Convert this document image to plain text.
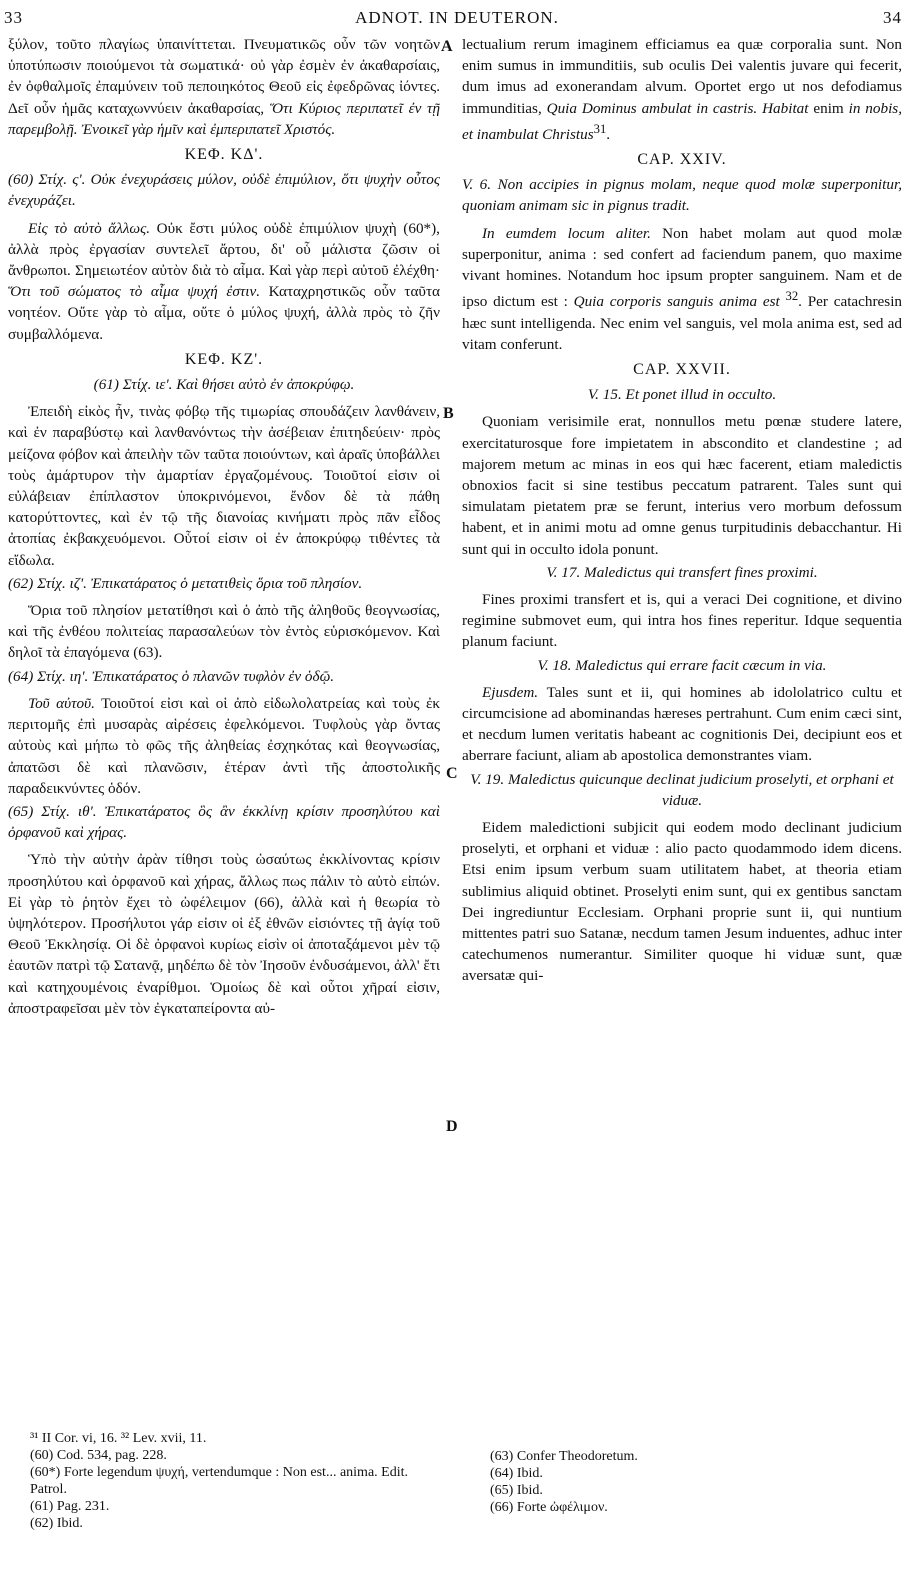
33	ADNOT. IN DEUTERON.	34
A
B
C
D

ξύλον, τοῦτο πλαγίως ὑπαινίττεται. Πνευματικῶς οὖν τῶν νοητῶν ὑποτύπωσιν ποιούμενοι τὰ σωματικά· οὐ γὰρ ἐσμὲν ἐν ἀκαθαρσίαις, ἐν ὀφθαλμοῖς ἐπαμύνειν τοῦ πεποιηκότος Θεοῦ εἰς ἐφεδρῶνας ἰόντες. Δεῖ οὖν ἡμᾶς καταχωννύειν ἀκαθαρσίας, Ὅτι Κύριος περιπατεῖ ἐν τῇ παρεμβολῇ. Ἐνοικεῖ γὰρ ἡμῖν καὶ ἐμπεριπατεῖ Χριστός.

ΚΕΦ. ΚΔ'.

(60) Στίχ. ς'. Οὐκ ἐνεχυράσεις μύλον, οὐδὲ ἐπιμύλιον, ὅτι ψυχὴν οὗτος ἐνεχυράζει.

Εἰς τὸ αὐτὸ ἄλλως. Οὐκ ἔστι μύλος οὐδὲ ἐπιμύλιον ψυχὴ (60*), ἀλλὰ πρὸς ἐργασίαν συντελεῖ ἄρτου, δι' οὗ μάλιστα ζῶσιν οἱ ἄνθρωποι. Σημειωτέον αὐτὸν διὰ τὸ αἷμα. Καὶ γὰρ περὶ αὐτοῦ ἐλέχθη· Ὅτι τοῦ σώματος τὸ αἷμα ψυχή ἐστιν. Καταχρηστικῶς οὖν ταῦτα νοητέον. Οὔτε γὰρ τὸ αἷμα, οὔτε ὁ μύλος ψυχή, ἀλλὰ πρὸς τὸ ζῆν συμβαλλόμενα.

ΚΕΦ. ΚΖ'.

(61) Στίχ. ιε'. Καὶ θήσει αὐτὸ ἐν ἀποκρύφῳ.

Ἐπειδὴ εἰκὸς ἦν, τινὰς φόβῳ τῆς τιμωρίας σπουδάζειν λανθάνειν, καὶ ἐν παραβύστῳ καὶ λανθανόντως τὴν ἀσέβειαν ἐπιτηδεύειν· πρὸς μείζονα φόβον καὶ ἀπειλὴν τῶν ταῦτα ποιούντων, καὶ ἀραῖς ὑποβάλλει τοὺς ἀμάρτυρον τὴν ἁμαρτίαν ἐργαζομένους. Τοιοῦτοί εἰσιν οἱ εὐλάβειαν ἐπίπλαστον ὑποκρινόμενοι, ἔνδον δὲ τὰ πάθη κατορύττοντες, καὶ ἐν τῷ τῆς διανοίας κινήματι πρὸς πᾶν εἶδος ἀτοπίας ἐκβακχευόμενοι. Οὗτοί εἰσιν οἱ ἐν ἀποκρύφῳ τιθέντες τὰ εἴδωλα.

(62) Στίχ. ιζ'. Ἐπικατάρατος ὁ μετατιθεὶς ὅρια τοῦ πλησίον.

Ὅρια τοῦ πλησίον μετατίθησι καὶ ὁ ἀπὸ τῆς ἀληθοῦς θεογνωσίας, καὶ τῆς ἐνθέου πολιτείας παρασαλεύων τὸν ἐντὸς εὑρισκόμενον. Καὶ δηλοῖ τὰ ἐπαγόμενα (63).

(64) Στίχ. ιη'. Ἐπικατάρατος ὁ πλανῶν τυφλὸν ἐν ὁδῷ.

Τοῦ αὐτοῦ. Τοιοῦτοί εἰσι καὶ οἱ ἀπὸ εἰδωλολατρείας καὶ τοὺς ἐκ περιτομῆς ἐπὶ μυσαρὰς αἱρέσεις ἐφελκόμενοι. Τυφλοὺς γὰρ ὄντας αὐτοὺς καὶ μήπω τὸ φῶς τῆς ἀληθείας ἐσχηκότας καὶ θεογνωσίας, ἀπατῶσι δὲ καὶ πλανῶσιν, ἑτέραν ἀντὶ τῆς ἀποστολικῆς παραδεικνύντες ὁδόν.

(65) Στίχ. ιθ'. Ἐπικατάρατος ὃς ἂν ἐκκλίνῃ κρίσιν προσηλύτου καὶ ὀρφανοῦ καὶ χήρας.

Ὑπὸ τὴν αὐτὴν ἀρὰν τίθησι τοὺς ὡσαύτως ἐκκλίνοντας κρίσιν προσηλύτου καὶ ὀρφανοῦ καὶ χήρας, ἄλλως πως πάλιν τὸ αὐτὸ εἰπών. Εἰ γὰρ τὸ ῥητὸν ἔχει τὸ ὠφέλειμον (66), ἀλλὰ καὶ ἡ θεωρία τὸ ὑψηλότερον. Προσήλυτοι γάρ εἰσιν οἱ ἐξ ἐθνῶν εἰσιόντες τῇ ἁγίᾳ τοῦ Θεοῦ Ἐκκλησίᾳ. Οἱ δὲ ὀρφανοὶ κυρίως εἰσὶν οἱ ἀποταξάμενοι μὲν τῷ ἑαυτῶν πατρὶ τῷ Σατανᾷ, μηδέπω δὲ τὸν Ἰησοῦν ἐνδυσάμενοι, ἀλλ' ἔτι καὶ κατηχουμένοις ἐναρίθμοι. Ὁμοίως δὲ καὶ οὗτοι χῆραί εἰσιν, ἀποστραφεῖσαι μὲν τὸν ἐγκαταπείροντα αὐ-

lectualium rerum imaginem efficiamus ea quæ corporalia sunt. Non enim sumus in immunditiis, sub oculis Dei valentis juvare qui fecerit, dum imus ad exonerandam alvum. Oportet ergo ut nos defodiamus immunditias, Quia Dominus ambulat in castris. Habitat enim in nobis, et inambulat Christus$^{31}$.

CAP. XXIV.

V. 6. Non accipies in pignus molam, neque quod molæ superponitur, quoniam animam sic in pignus tradit.

In eumdem locum aliter. Non habet molam aut quod molæ superponitur, anima : sed confert ad faciendum panem, quo maxime vivant homines. Notandum hoc ipsum propter sanguinem. Nam et de ipso dictum est : Quia corporis sanguis anima est $^{32}$. Per catachresin hæc sunt intelligenda. Nec enim vel sanguis, vel mola anima est, sed ad vitam conferunt.

CAP. XXVII.

V. 15. Et ponet illud in occulto.

Quoniam verisimile erat, nonnullos metu pœnæ studere latere, exercitaturosque fore impietatem in abscondito et clandestine ; ad majorem metum ac minas in eos qui hæc facerent, etiam maledictis obnoxios facit si sine testibus peccatum patrarent. Tales sunt qui simulatam pietatem præ se ferunt, interius vero morbum defossum habent, et in animi motu ad omne genus turpitudinis debacchantur. Hi sunt qui in occulto idola ponunt.

V. 17. Maledictus qui transfert fines proximi.

Fines proximi transfert et is, qui a veraci Dei cognitione, et divino regimine submovet eum, qui intra hos fines reperitur. Idque sequentia planum faciunt.

V. 18. Maledictus qui errare facit cæcum in via.

Ejusdem. Tales sunt et ii, qui homines ab idololatrico cultu et circumcisione ad abominandas hæreses pertrahunt. Cum enim cæci sint, et necdum lumen veritatis habeant ac cognitionis Dei, decipiunt eos et aberrare faciunt, aliam ab apostolica demonstrantes viam.

V. 19. Maledictus quicunque declinat judicium proselyti, et orphani et viduæ.

Eidem maledictioni subjicit qui eodem modo declinant judicium proselyti, et orphani et viduæ : alio pacto quodammodo idem dicens. Etsi enim ipsum verbum suam utilitatem habet, at theoria etiam sublimius aliquid obtinet. Proselyti enim sunt, qui ex gentibus sanctam Dei ingrediuntur Ecclesiam. Orphani proprie sunt ii, qui nuntium mittentes patri suo Satanæ, necdum tamen Jesum induentes, adhuc inter catechumenos numerantur. Similiter quoque hi viduæ sunt, quæ aversatæ qui-

³¹ II Cor. vi, 16. ³² Lev. xvii, 11.
(60) Cod. 534, pag. 228.
(60*) Forte legendum ψυχή, vertendumque : Non est... anima. Edit. Patrol.
(61) Pag. 231.
(62) Ibid.
(63) Confer Theodoretum.
(64) Ibid.
(65) Ibid.
(66) Forte ὠφέλιμον.
